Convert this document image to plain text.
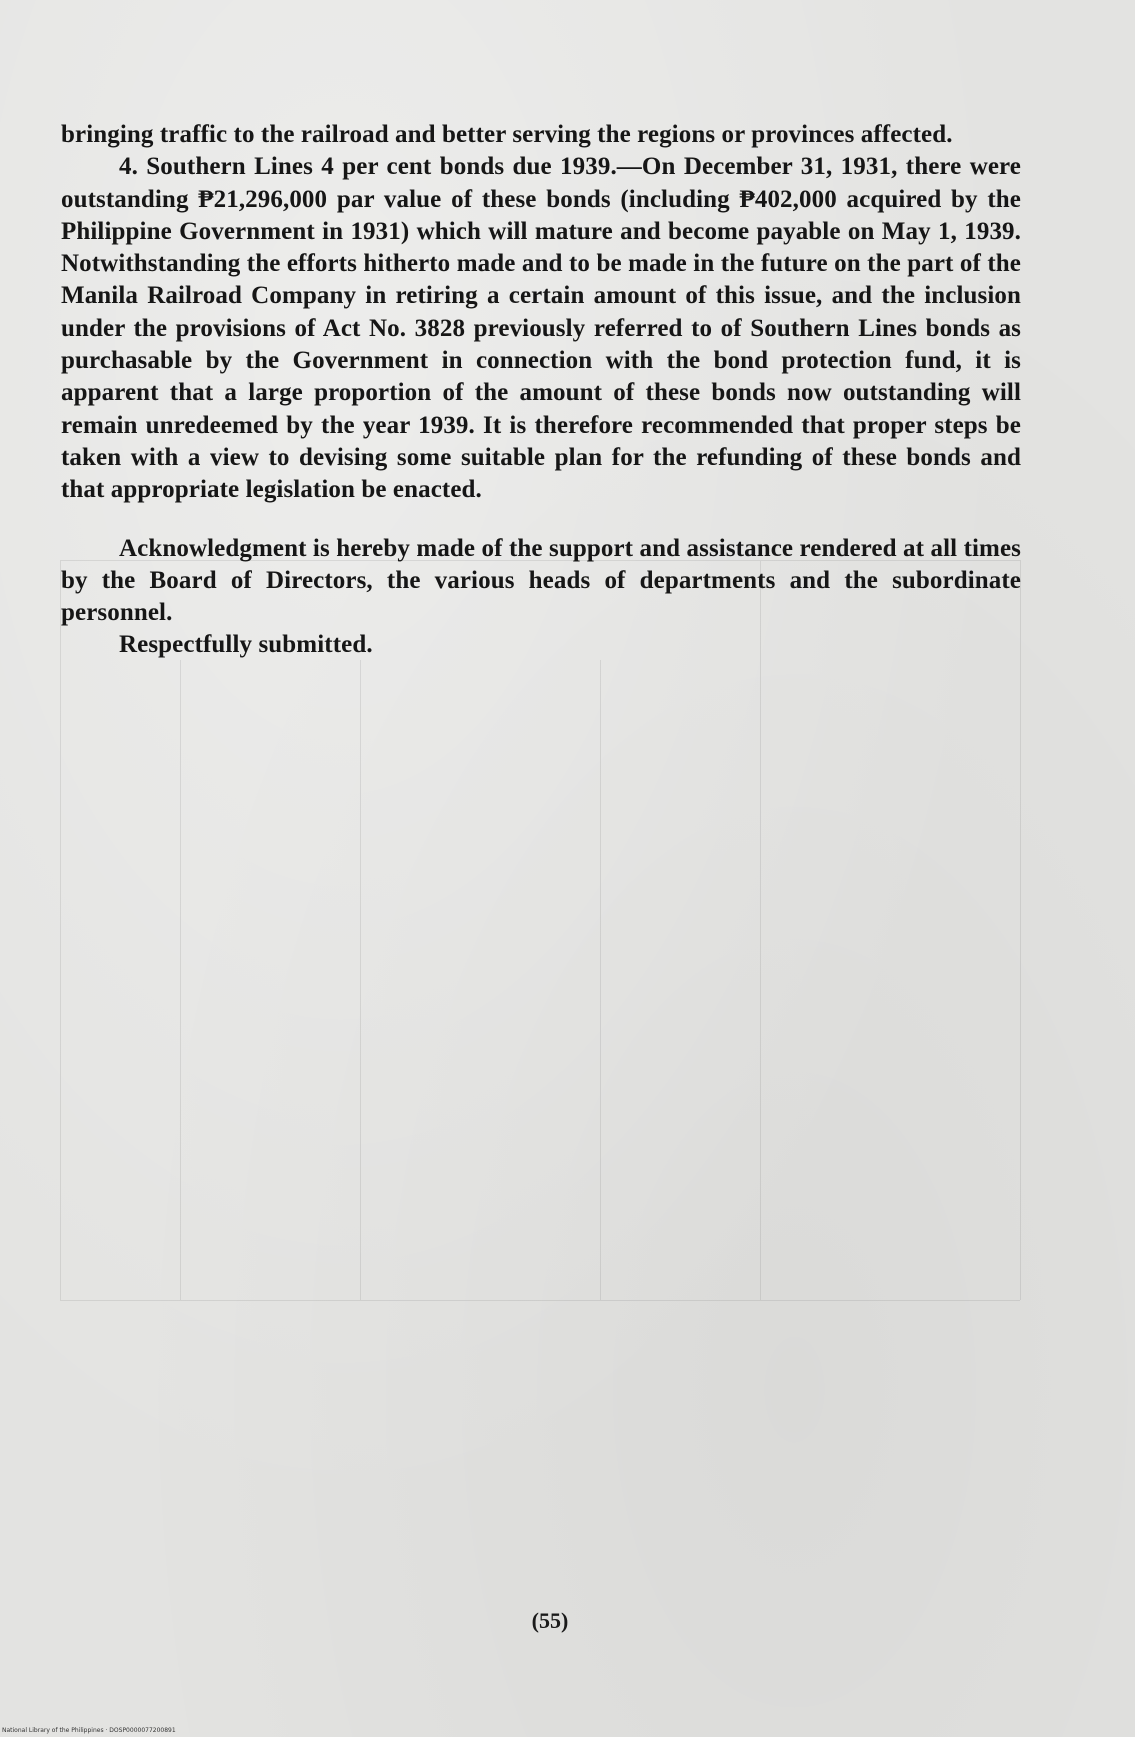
bringing traffic to the railroad and better serving the regions or provinces affected.

4. Southern Lines 4 per cent bonds due 1939.—On December 31, 1931, there were outstanding ₱21,296,000 par value of these bonds (including ₱402,000 acquired by the Philippine Government in 1931) which will mature and become payable on May 1, 1939. Notwithstanding the efforts hitherto made and to be made in the future on the part of the Manila Railroad Company in retiring a certain amount of this issue, and the inclusion under the provisions of Act No. 3828 previously referred to of Southern Lines bonds as purchasable by the Government in connection with the bond protection fund, it is apparent that a large proportion of the amount of these bonds now outstanding will remain unredeemed by the year 1939. It is therefore recommended that proper steps be taken with a view to devising some suitable plan for the refunding of these bonds and that appropriate legislation be enacted.

Acknowledgment is hereby made of the support and assistance rendered at all times by the Board of Directors, the various heads of departments and the subordinate personnel.

Respectfully submitted.

(55)
National Library of the Philippines · DOSP0000077200891
